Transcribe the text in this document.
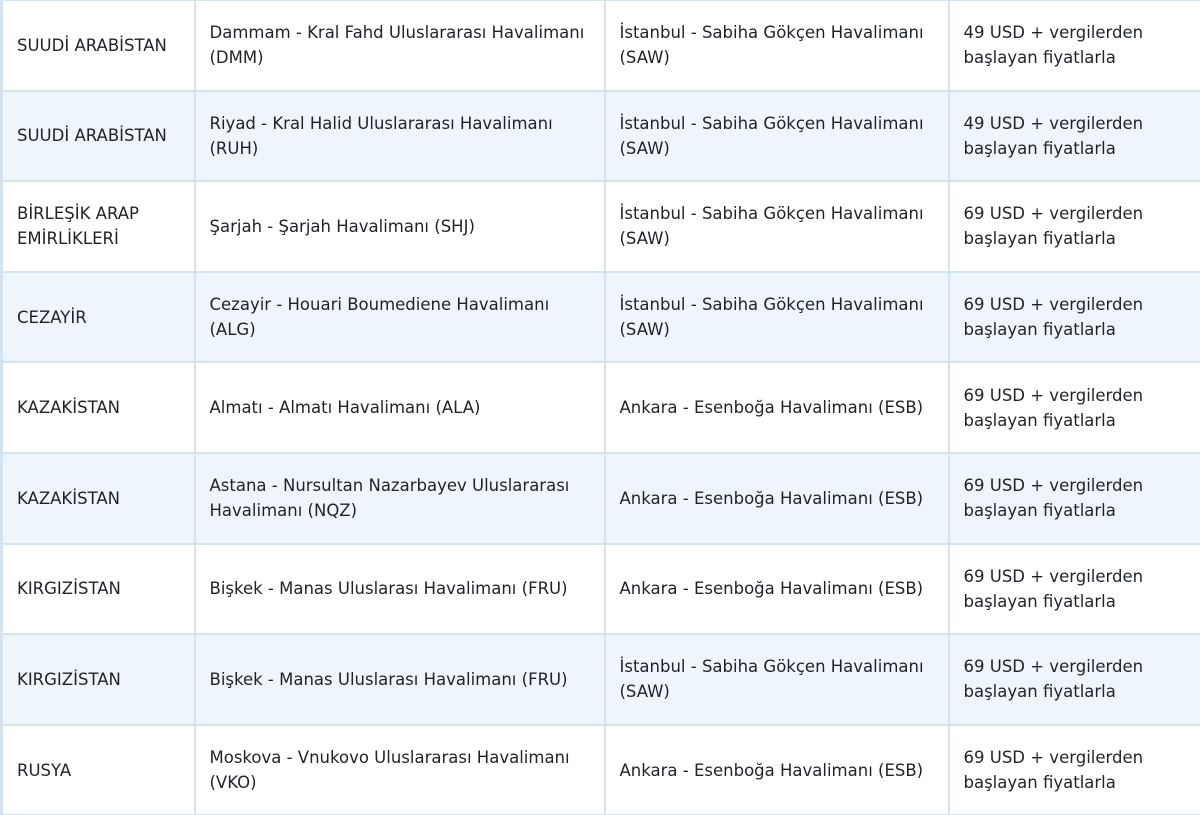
SUUDİ ARABİSTAN	Dammam - Kral Fahd Uluslararası Havalimanı (DMM)	İstanbul - Sabiha Gökçen Havalimanı (SAW)	49 USD + vergilerden başlayan fiyatlarla
SUUDİ ARABİSTAN	Riyad - Kral Halid Uluslararası Havalimanı (RUH)	İstanbul - Sabiha Gökçen Havalimanı (SAW)	49 USD + vergilerden başlayan fiyatlarla
BİRLEŞİK ARAP EMİRLİKLERİ	Şarjah - Şarjah Havalimanı (SHJ)	İstanbul - Sabiha Gökçen Havalimanı (SAW)	69 USD + vergilerden başlayan fiyatlarla
CEZAYİR	Cezayir - Houari Boumediene Havalimanı (ALG)	İstanbul - Sabiha Gökçen Havalimanı (SAW)	69 USD + vergilerden başlayan fiyatlarla
KAZAKİSTAN	Almatı - Almatı Havalimanı (ALA)	Ankara - Esenboğa Havalimanı (ESB)	69 USD + vergilerden başlayan fiyatlarla
KAZAKİSTAN	Astana - Nursultan Nazarbayev Uluslararası Havalimanı (NQZ)	Ankara - Esenboğa Havalimanı (ESB)	69 USD + vergilerden başlayan fiyatlarla
KIRGIZİSTAN	Bişkek - Manas Uluslarası Havalimanı (FRU)	Ankara - Esenboğa Havalimanı (ESB)	69 USD + vergilerden başlayan fiyatlarla
KIRGIZİSTAN	Bişkek - Manas Uluslarası Havalimanı (FRU)	İstanbul - Sabiha Gökçen Havalimanı (SAW)	69 USD + vergilerden başlayan fiyatlarla
RUSYA	Moskova - Vnukovo Uluslararası Havalimanı (VKO)	Ankara - Esenboğa Havalimanı (ESB)	69 USD + vergilerden başlayan fiyatlarla
